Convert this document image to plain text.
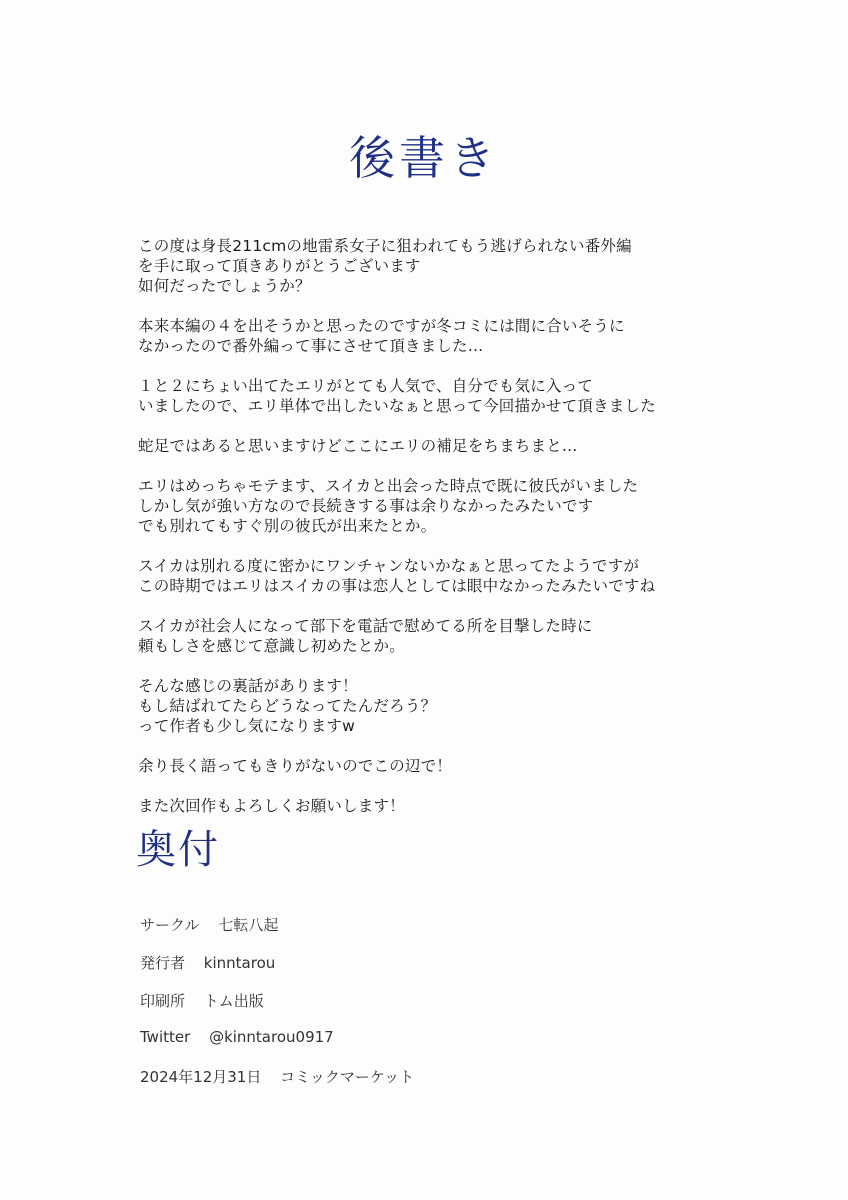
後書き
この度は身長211cmの地雷系女子に狙われてもう逃げられない番外編
を手に取って頂きありがとうございます
如何だったでしょうか？
本来本編の４を出そうかと思ったのですが冬コミには間に合いそうに
なかったので番外編って事にさせて頂きました…
１と２にちょい出てたエリがとても人気で、自分でも気に入って
いましたので、エリ単体で出したいなぁと思って今回描かせて頂きました
蛇足ではあると思いますけどここにエリの補足をちまちまと…
エリはめっちゃモテます、スイカと出会った時点で既に彼氏がいました
しかし気が強い方なので長続きする事は余りなかったみたいです
でも別れてもすぐ別の彼氏が出来たとか。
スイカは別れる度に密かにワンチャンないかなぁと思ってたようですが
この時期ではエリはスイカの事は恋人としては眼中なかったみたいですね
スイカが社会人になって部下を電話で慰めてる所を目撃した時に
頼もしさを感じて意識し初めたとか。
そんな感じの裏話があります！
もし結ばれてたらどうなってたんだろう？
って作者も少し気になりますw
余り長く語ってもきりがないのでこの辺で！
また次回作もよろしくお願いします！
奥付
サークル 七転八起
発行者 kinntarou
印刷所 トム出版
Twitter @kinntarou0917
2024年12月31日 コミックマーケット
